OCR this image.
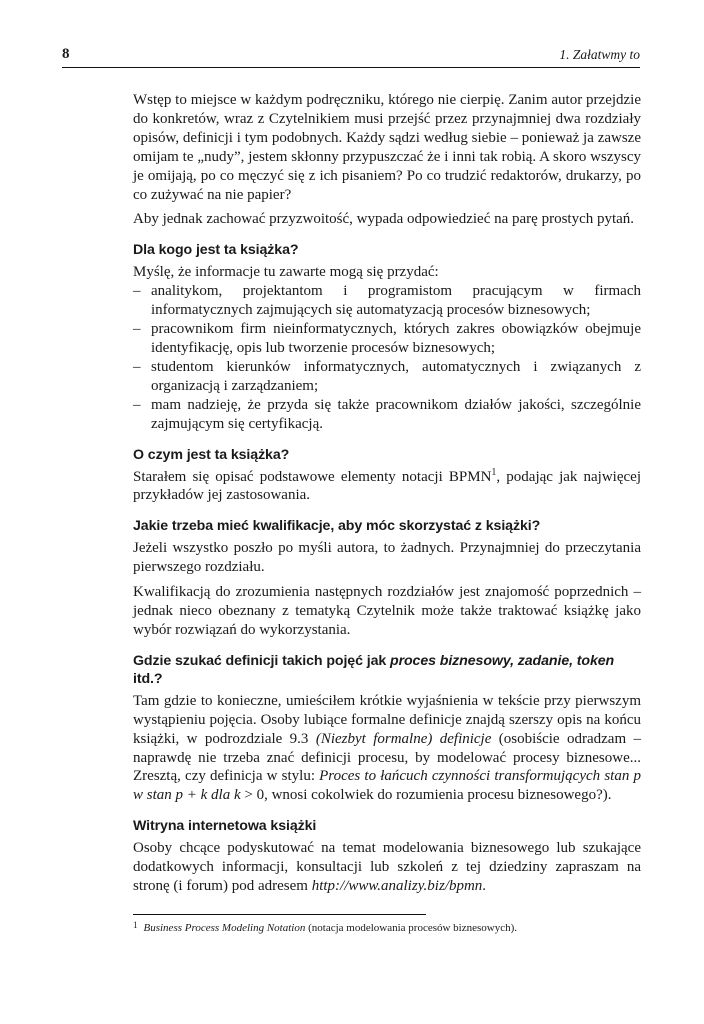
8	1. Załatwmy to

Wstęp to miejsce w każdym podręczniku, którego nie cierpię. Zanim autor przejdzie do konkretów, wraz z Czytelnikiem musi przejść przez przynajmniej dwa rozdziały opisów, definicji i tym podobnych. Każdy sądzi według siebie – ponieważ ja zawsze omijam te „nudy”, jestem skłonny przypuszczać że i inni tak robią. A skoro wszyscy je omijają, po co męczyć się z ich pisaniem? Po co trudzić redaktorów, drukarzy, po co zużywać na nie papier?

Aby jednak zachować przyzwoitość, wypada odpowiedzieć na parę prostych pytań.

Dla kogo jest ta książka?

Myślę, że informacje tu zawarte mogą się przydać:

– analitykom, projektantom i programistom pracującym w firmach informatycznych zajmujących się automatyzacją procesów biznesowych;
– pracownikom firm nieinformatycznych, których zakres obowiązków obejmuje identyfikację, opis lub tworzenie procesów biznesowych;
– studentom kierunków informatycznych, automatycznych i związanych z organizacją i zarządzaniem;
– mam nadzieję, że przyda się także pracownikom działów jakości, szczególnie zajmującym się certyfikacją.
O czym jest ta książka?

Starałem się opisać podstawowe elementy notacji BPMN$^1$, podając jak najwięcej przykładów jej zastosowania.

Jakie trzeba mieć kwalifikacje, aby móc skorzystać z książki?

Jeżeli wszystko poszło po myśli autora, to żadnych. Przynajmniej do przeczytania pierwszego rozdziału.

Kwalifikacją do zrozumienia następnych rozdziałów jest znajomość poprzednich – jednak nieco obeznany z tematyką Czytelnik może także traktować książkę jako wybór rozwiązań do wykorzystania.

Gdzie szukać definicji takich pojęć jak proces biznesowy, zadanie, token itd.?

Tam gdzie to konieczne, umieściłem krótkie wyjaśnienia w tekście przy pierwszym wystąpieniu pojęcia. Osoby lubiące formalne definicje znajdą szerszy opis na końcu książki, w podrozdziale 9.3 (Niezbyt formalne) definicje (osobiście odradzam – naprawdę nie trzeba znać definicji procesu, by modelować procesy biznesowe... Zresztą, czy definicja w stylu: Proces to łańcuch czynności transformujących stan p w stan p + k dla k > 0, wnosi cokolwiek do rozumienia procesu biznesowego?).

Witryna internetowa książki

Osoby chcące podyskutować na temat modelowania biznesowego lub szukające dodatkowych informacji, konsultacji lub szkoleń z tej dziedziny zapraszam na stronę (i forum) pod adresem http://www.analizy.biz/bpmn.

$^1$ Business Process Modeling Notation (notacja modelowania procesów biznesowych).
